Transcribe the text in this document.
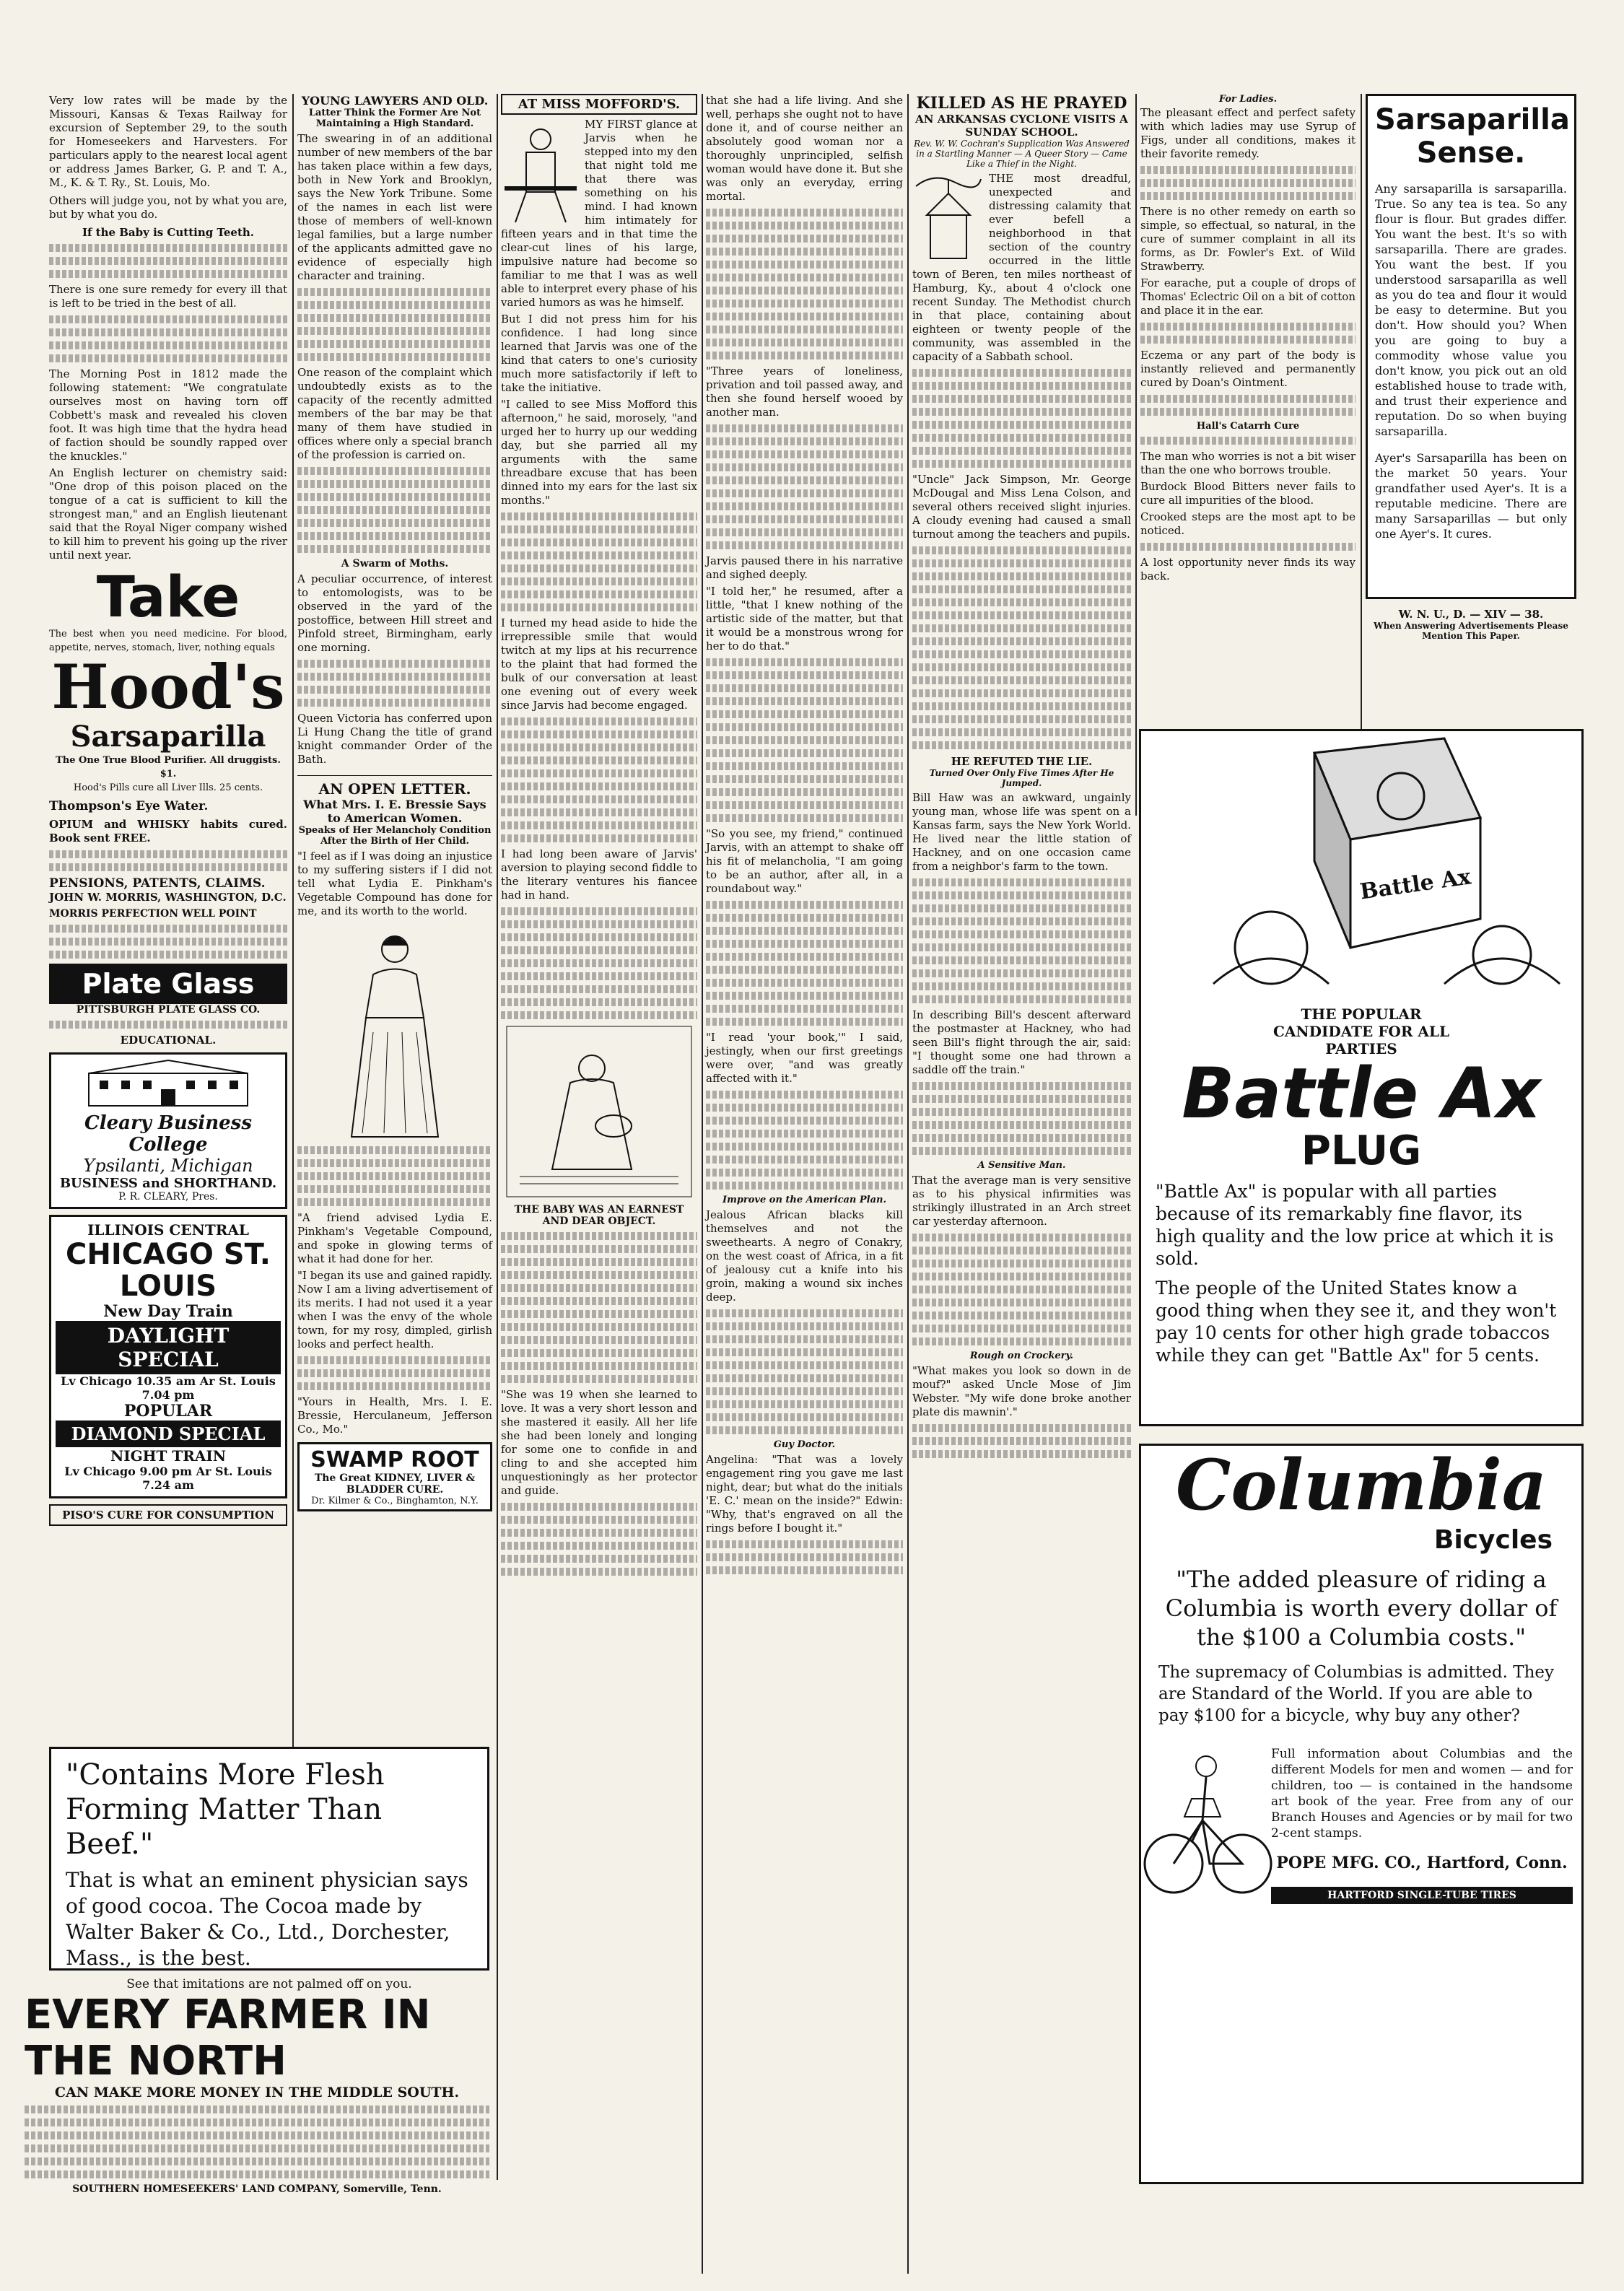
Very low rates will be made by the Missouri, Kansas & Texas Railway for excursion of September 29, to the south for Homeseekers and Harvesters. For particulars apply to the nearest local agent or address James Barker, G. P. and T. A., M., K. & T. Ry., St. Louis, Mo.

Others will judge you, not by what you are, but by what you do.

If the Baby is Cutting Teeth.

There is one sure remedy for every ill that is left to be tried in the best of all.

The Morning Post in 1812 made the following statement: "We congratulate ourselves most on having torn off Cobbett's mask and revealed his cloven foot. It was high time that the hydra head of faction should be soundly rapped over the knuckles."

An English lecturer on chemistry said: "One drop of this poison placed on the tongue of a cat is sufficient to kill the strongest man," and an English lieutenant said that the Royal Niger company wished to kill him to prevent his going up the river until next year.

Take
The best when you need medicine. For blood, appetite, nerves, stomach, liver, nothing equals
Hood's
Sarsaparilla
The One True Blood Purifier. All druggists. $1.
Hood's Pills cure all Liver Ills. 25 cents.
Thompson's Eye Water.
OPIUM and WHISKY habits cured. Book sent FREE.
PENSIONS, PATENTS, CLAIMS.
JOHN W. MORRIS, WASHINGTON, D.C.
MORRIS PERFECTION WELL POINT
Plate Glass
PITTSBURGH PLATE GLASS CO.
EDUCATIONAL.
Cleary Business College
Ypsilanti, Michigan
BUSINESS and SHORTHAND.
P. R. CLEARY, Pres.
ILLINOIS CENTRAL
CHICAGO ST. LOUIS
New Day Train
DAYLIGHT SPECIAL
Lv Chicago 10.35 am Ar St. Louis 7.04 pm
POPULAR
DIAMOND SPECIAL
NIGHT TRAIN
Lv Chicago 9.00 pm Ar St. Louis 7.24 am
PISO'S CURE FOR CONSUMPTION
YOUNG LAWYERS AND OLD.
Latter Think the Former Are Not Maintaining a High Standard.

The swearing in of an additional number of new members of the bar has taken place within a few days, both in New York and Brooklyn, says the New York Tribune. Some of the names in each list were those of members of well-known legal families, but a large number of the applicants admitted gave no evidence of especially high character and training.

One reason of the complaint which undoubtedly exists as to the capacity of the recently admitted members of the bar may be that many of them have studied in offices where only a special branch of the profession is carried on.

A Swarm of Moths.

A peculiar occurrence, of interest to entomologists, was to be observed in the yard of the postoffice, between Hill street and Pinfold street, Birmingham, early one morning.

Queen Victoria has conferred upon Li Hung Chang the title of grand knight commander Order of the Bath.

AN OPEN LETTER.
What Mrs. I. E. Bressie Says to American Women.
Speaks of Her Melancholy Condition After the Birth of Her Child.

"I feel as if I was doing an injustice to my suffering sisters if I did not tell what Lydia E. Pinkham's Vegetable Compound has done for me, and its worth to the world.

"A friend advised Lydia E. Pinkham's Vegetable Compound, and spoke in glowing terms of what it had done for her.

"I began its use and gained rapidly. Now I am a living advertisement of its merits. I had not used it a year when I was the envy of the whole town, for my rosy, dimpled, girlish looks and perfect health.

"Yours in Health, Mrs. I. E. Bressie, Herculaneum, Jefferson Co., Mo."

SWAMP ROOT
The Great KIDNEY, LIVER & BLADDER CURE.
Dr. Kilmer & Co., Binghamton, N.Y.
AT MISS MOFFORD'S.

MY FIRST glance at Jarvis when he stepped into my den that night told me that there was something on his mind. I had known him intimately for fifteen years and in that time the clear-cut lines of his large, impulsive nature had become so familiar to me that I was as well able to interpret every phase of his varied humors as was he himself.

But I did not press him for his confidence. I had long since learned that Jarvis was one of the kind that caters to one's curiosity much more satisfactorily if left to take the initiative.

"I called to see Miss Mofford this afternoon," he said, morosely, "and urged her to hurry up our wedding day, but she parried all my arguments with the same threadbare excuse that has been dinned into my ears for the last six months."

I turned my head aside to hide the irrepressible smile that would twitch at my lips at his recurrence to the plaint that had formed the bulk of our conversation at least one evening out of every week since Jarvis had become engaged.

I had long been aware of Jarvis' aversion to playing second fiddle to the literary ventures his fiancee had in hand.

THE BABY WAS AN EARNEST AND DEAR OBJECT.

"She was 19 when she learned to love. It was a very short lesson and she mastered it easily. All her life she had been lonely and longing for some one to confide in and cling to and she accepted him unquestioningly as her protector and guide.

that she had a life living. And she well, perhaps she ought not to have done it, and of course neither an absolutely good woman nor a thoroughly unprincipled, selfish woman would have done it. But she was only an everyday, erring mortal.

"Three years of loneliness, privation and toil passed away, and then she found herself wooed by another man.

Jarvis paused there in his narrative and sighed deeply.

"I told her," he resumed, after a little, "that I knew nothing of the artistic side of the matter, but that it would be a monstrous wrong for her to do that."

"So you see, my friend," continued Jarvis, with an attempt to shake off his fit of melancholia, "I am going to be an author, after all, in a roundabout way."

"I read 'your book,'" I said, jestingly, when our first greetings were over, "and was greatly affected with it."

Improve on the American Plan.

Jealous African blacks kill themselves and not the sweethearts. A negro of Conakry, on the west coast of Africa, in a fit of jealousy cut a knife into his groin, making a wound six inches deep.

Guy Doctor.

Angelina: "That was a lovely engagement ring you gave me last night, dear; but what do the initials 'E. C.' mean on the inside?" Edwin: "Why, that's engraved on all the rings before I bought it."

KILLED AS HE PRAYED
AN ARKANSAS CYCLONE VISITS A SUNDAY SCHOOL.
Rev. W. W. Cochran's Supplication Was Answered in a Startling Manner — A Queer Story — Came Like a Thief in the Night.

THE most dreadful, unexpected and distressing calamity that ever befell a neighborhood in that section of the country occurred in the little town of Beren, ten miles northeast of Hamburg, Ky., about 4 o'clock one recent Sunday. The Methodist church in that place, containing about eighteen or twenty people of the community, was assembled in the capacity of a Sabbath school.

"Uncle" Jack Simpson, Mr. George McDougal and Miss Lena Colson, and several others received slight injuries. A cloudy evening had caused a small turnout among the teachers and pupils.

HE REFUTED THE LIE.
Turned Over Only Five Times After He Jumped.

Bill Haw was an awkward, ungainly young man, whose life was spent on a Kansas farm, says the New York World. He lived near the little station of Hackney, and on one occasion came from a neighbor's farm to the town.

In describing Bill's descent afterward the postmaster at Hackney, who had seen Bill's flight through the air, said: "I thought some one had thrown a saddle off the train."

A Sensitive Man.

That the average man is very sensitive as to his physical infirmities was strikingly illustrated in an Arch street car yesterday afternoon.

Rough on Crockery.

"What makes you look so down in de mouf?" asked Uncle Mose of Jim Webster. "My wife done broke another plate dis mawnin'."

For Ladies.

The pleasant effect and perfect safety with which ladies may use Syrup of Figs, under all conditions, makes it their favorite remedy.

There is no other remedy on earth so simple, so effectual, so natural, in the cure of summer complaint in all its forms, as Dr. Fowler's Ext. of Wild Strawberry.

For earache, put a couple of drops of Thomas' Eclectric Oil on a bit of cotton and place it in the ear.

Eczema or any part of the body is instantly relieved and permanently cured by Doan's Ointment.

Hall's Catarrh Cure

The man who worries is not a bit wiser than the one who borrows trouble.

Burdock Blood Bitters never fails to cure all impurities of the blood.

Crooked steps are the most apt to be noticed.

A lost opportunity never finds its way back.

Sarsaparilla Sense.

Any sarsaparilla is sarsaparilla. True. So any tea is tea. So any flour is flour. But grades differ. You want the best. It's so with sarsaparilla. There are grades. You want the best. If you understood sarsaparilla as well as you do tea and flour it would be easy to determine. But you don't. How should you? When you are going to buy a commodity whose value you don't know, you pick out an old established house to trade with, and trust their experience and reputation. Do so when buying sarsaparilla.

Ayer's Sarsaparilla has been on the market 50 years. Your grandfather used Ayer's. It is a reputable medicine. There are many Sarsaparillas — but only one Ayer's. It cures.

W. N. U., D. — XIV — 38.
When Answering Advertisements Please Mention This Paper.
Battle Ax
THE POPULAR CANDIDATE FOR ALL PARTIES
Battle Ax
PLUG

"Battle Ax" is popular with all parties because of its remarkably fine flavor, its high quality and the low price at which it is sold.

The people of the United States know a good thing when they see it, and they won't pay 10 cents for other high grade tobaccos while they can get "Battle Ax" for 5 cents.

Columbia
Bicycles

"The added pleasure of riding a Columbia is worth every dollar of the $100 a Columbia costs."

The supremacy of Columbias is admitted. They are Standard of the World. If you are able to pay $100 for a bicycle, why buy any other?

Full information about Columbias and the different Models for men and women — and for children, too — is contained in the handsome art book of the year. Free from any of our Branch Houses and Agencies or by mail for two 2-cent stamps.

POPE MFG. CO., Hartford, Conn.
HARTFORD SINGLE-TUBE TIRES
"Contains More Flesh Forming Matter Than Beef."
That is what an eminent physician says of good cocoa. The Cocoa made by Walter Baker & Co., Ltd., Dorchester, Mass., is the best.
See that imitations are not palmed off on you.
EVERY FARMER IN THE NORTH
CAN MAKE MORE MONEY IN THE MIDDLE SOUTH.
SOUTHERN HOMESEEKERS' LAND COMPANY, Somerville, Tenn.
